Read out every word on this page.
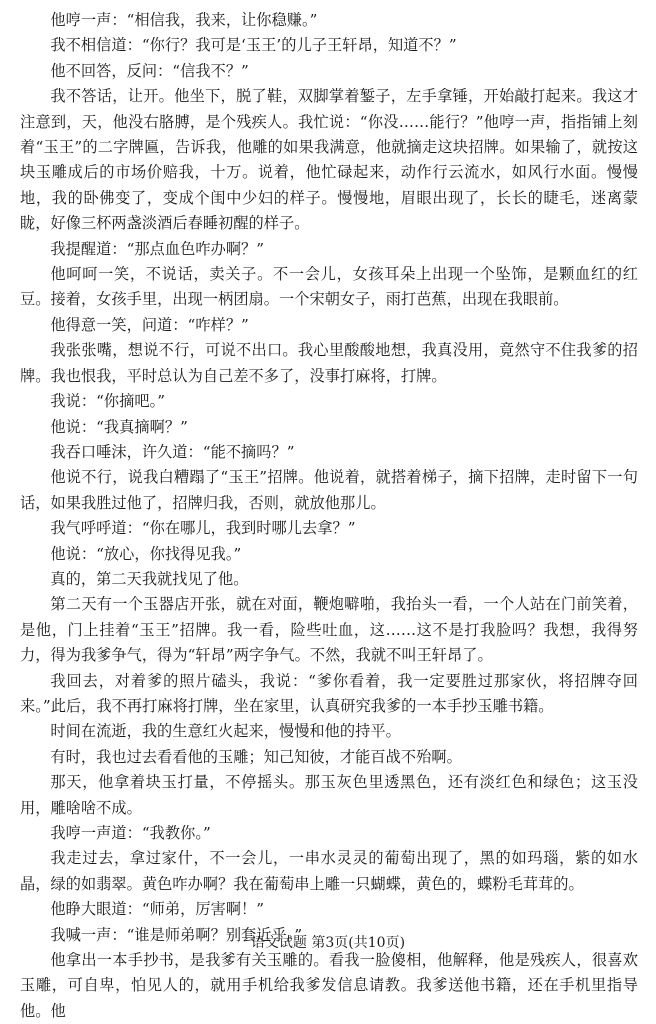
他哼一声：“相信我，我来，让你稳赚。”

我不相信道：“你行？我可是‘玉王’的儿子王轩昂，知道不？”

他不回答，反问：“信我不？”

我不答话，让开。他坐下，脱了鞋，双脚掌着錾子，左手拿锤，开始敲打起来。我这才注意到，天，他没右胳膊，是个残疾人。我忙说：“你没……能行？”他哼一声，指指铺上刻着“玉王”的二字牌匾，告诉我，他雕的如果我满意，他就摘走这块招牌。如果输了，就按这块玉雕成后的市场价赔我，十万。说着，他忙碌起来，动作行云流水，如风行水面。慢慢地，我的卧佛变了，变成个闺中少妇的样子。慢慢地，眉眼出现了，长长的睫毛，迷离蒙眬，好像三杯两盏淡酒后春睡初醒的样子。

我提醒道：“那点血色咋办啊？”

他呵呵一笑，不说话，卖关子。不一会儿，女孩耳朵上出现一个坠饰，是颗血红的红豆。接着，女孩手里，出现一柄团扇。一个宋朝女子，雨打芭蕉，出现在我眼前。

他得意一笑，问道：“咋样？”

我张张嘴，想说不行，可说不出口。我心里酸酸地想，我真没用，竟然守不住我爹的招牌。我也恨我，平时总认为自己差不多了，没事打麻将，打牌。

我说：“你摘吧。”

他说：“我真摘啊？”

我吞口唾沫，许久道：“能不摘吗？”

他说不行，说我白糟蹋了“玉王”招牌。他说着，就搭着梯子，摘下招牌，走时留下一句话，如果我胜过他了，招牌归我，否则，就放他那儿。

我气呼呼道：“你在哪儿，我到时哪儿去拿？”

他说：“放心，你找得见我。”

真的，第二天我就找见了他。

第二天有一个玉器店开张，就在对面，鞭炮噼啪，我抬头一看，一个人站在门前笑着，是他，门上挂着“玉王”招牌。我一看，险些吐血，这……这不是打我脸吗？我想，我得努力，得为我爹争气，得为“轩昂”两字争气。不然，我就不叫王轩昂了。

我回去，对着爹的照片磕头，我说：“爹你看着，我一定要胜过那家伙，将招牌夺回来。”此后，我不再打麻将打牌，坐在家里，认真研究我爹的一本手抄玉雕书籍。

时间在流逝，我的生意红火起来，慢慢和他的持平。

有时，我也过去看看他的玉雕；知己知彼，才能百战不殆啊。

那天，他拿着块玉打量，不停摇头。那玉灰色里透黑色，还有淡红色和绿色；这玉没用，雕啥啥不成。

我哼一声道：“我教你。”

我走过去，拿过家什，不一会儿，一串水灵灵的葡萄出现了，黑的如玛瑙，紫的如水晶，绿的如翡翠。黄色咋办啊？我在葡萄串上雕一只蝴蝶，黄色的，蝶粉毛茸茸的。

他睁大眼道：“师弟，厉害啊！”

我喊一声：“谁是师弟啊？别套近乎。”

他拿出一本手抄书，是我爹有关玉雕的。看我一脸傻相，他解释，他是残疾人，很喜欢玉雕，可自卑，怕见人的，就用手机给我爹发信息请教。我爹送他书籍，还在手机里指导他。他

语文试题 第3页(共10页)
